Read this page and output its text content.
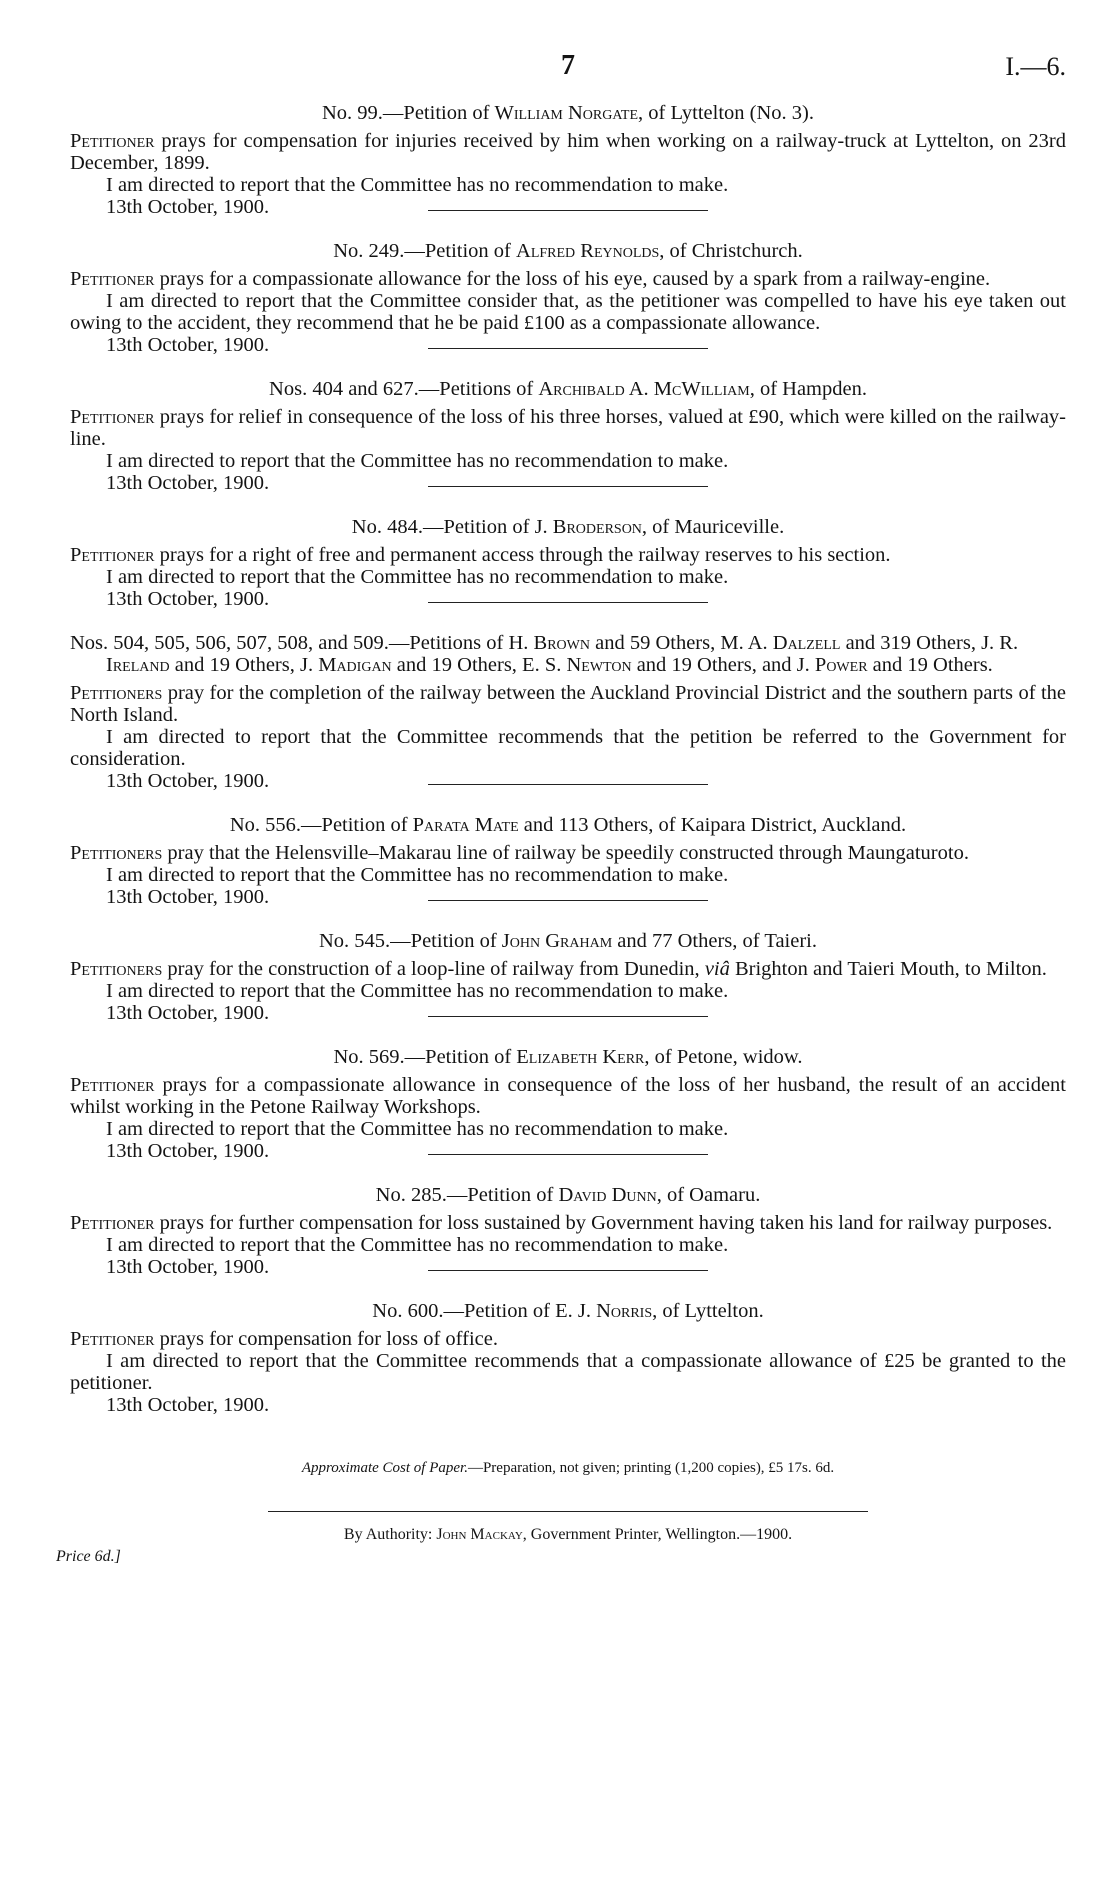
7	I.—6.
No. 99.—Petition of William Norgate, of Lyttelton (No. 3).

Petitioner prays for compensation for injuries received by him when working on a railway-truck at Lyttelton, on 23rd December, 1899.

I am directed to report that the Committee has no recommendation to make.

13th October, 1900.
No. 249.—Petition of Alfred Reynolds, of Christchurch.

Petitioner prays for a compassionate allowance for the loss of his eye, caused by a spark from a railway-engine.

I am directed to report that the Committee consider that, as the petitioner was compelled to have his eye taken out owing to the accident, they recommend that he be paid £100 as a compassionate allowance.

13th October, 1900.
Nos. 404 and 627.—Petitions of Archibald A. McWilliam, of Hampden.

Petitioner prays for relief in consequence of the loss of his three horses, valued at £90, which were killed on the railway-line.

I am directed to report that the Committee has no recommendation to make.

13th October, 1900.
No. 484.—Petition of J. Broderson, of Mauriceville.

Petitioner prays for a right of free and permanent access through the railway reserves to his section.

I am directed to report that the Committee has no recommendation to make.

13th October, 1900.
Nos. 504, 505, 506, 507, 508, and 509.—Petitions of H. Brown and 59 Others, M. A. Dalzell and 319 Others, J. R. Ireland and 19 Others, J. Madigan and 19 Others, E. S. Newton and 19 Others, and J. Power and 19 Others.

Petitioners pray for the completion of the railway between the Auckland Provincial District and the southern parts of the North Island.

I am directed to report that the Committee recommends that the petition be referred to the Government for consideration.

13th October, 1900.
No. 556.—Petition of Parata Mate and 113 Others, of Kaipara District, Auckland.

Petitioners pray that the Helensville–Makarau line of railway be speedily constructed through Maungaturoto.

I am directed to report that the Committee has no recommendation to make.

13th October, 1900.
No. 545.—Petition of John Graham and 77 Others, of Taieri.

Petitioners pray for the construction of a loop-line of railway from Dunedin, viâ Brighton and Taieri Mouth, to Milton.

I am directed to report that the Committee has no recommendation to make.

13th October, 1900.
No. 569.—Petition of Elizabeth Kerr, of Petone, widow.

Petitioner prays for a compassionate allowance in consequence of the loss of her husband, the result of an accident whilst working in the Petone Railway Workshops.

I am directed to report that the Committee has no recommendation to make.

13th October, 1900.
No. 285.—Petition of David Dunn, of Oamaru.

Petitioner prays for further compensation for loss sustained by Government having taken his land for railway purposes.

I am directed to report that the Committee has no recommendation to make.

13th October, 1900.
No. 600.—Petition of E. J. Norris, of Lyttelton.

Petitioner prays for compensation for loss of office.

I am directed to report that the Committee recommends that a compassionate allowance of £25 be granted to the petitioner.

13th October, 1900.
Approximate Cost of Paper.—Preparation, not given; printing (1,200 copies), £5 17s. 6d.
By Authority: John Mackay, Government Printer, Wellington.—1900.
Price 6d.]
